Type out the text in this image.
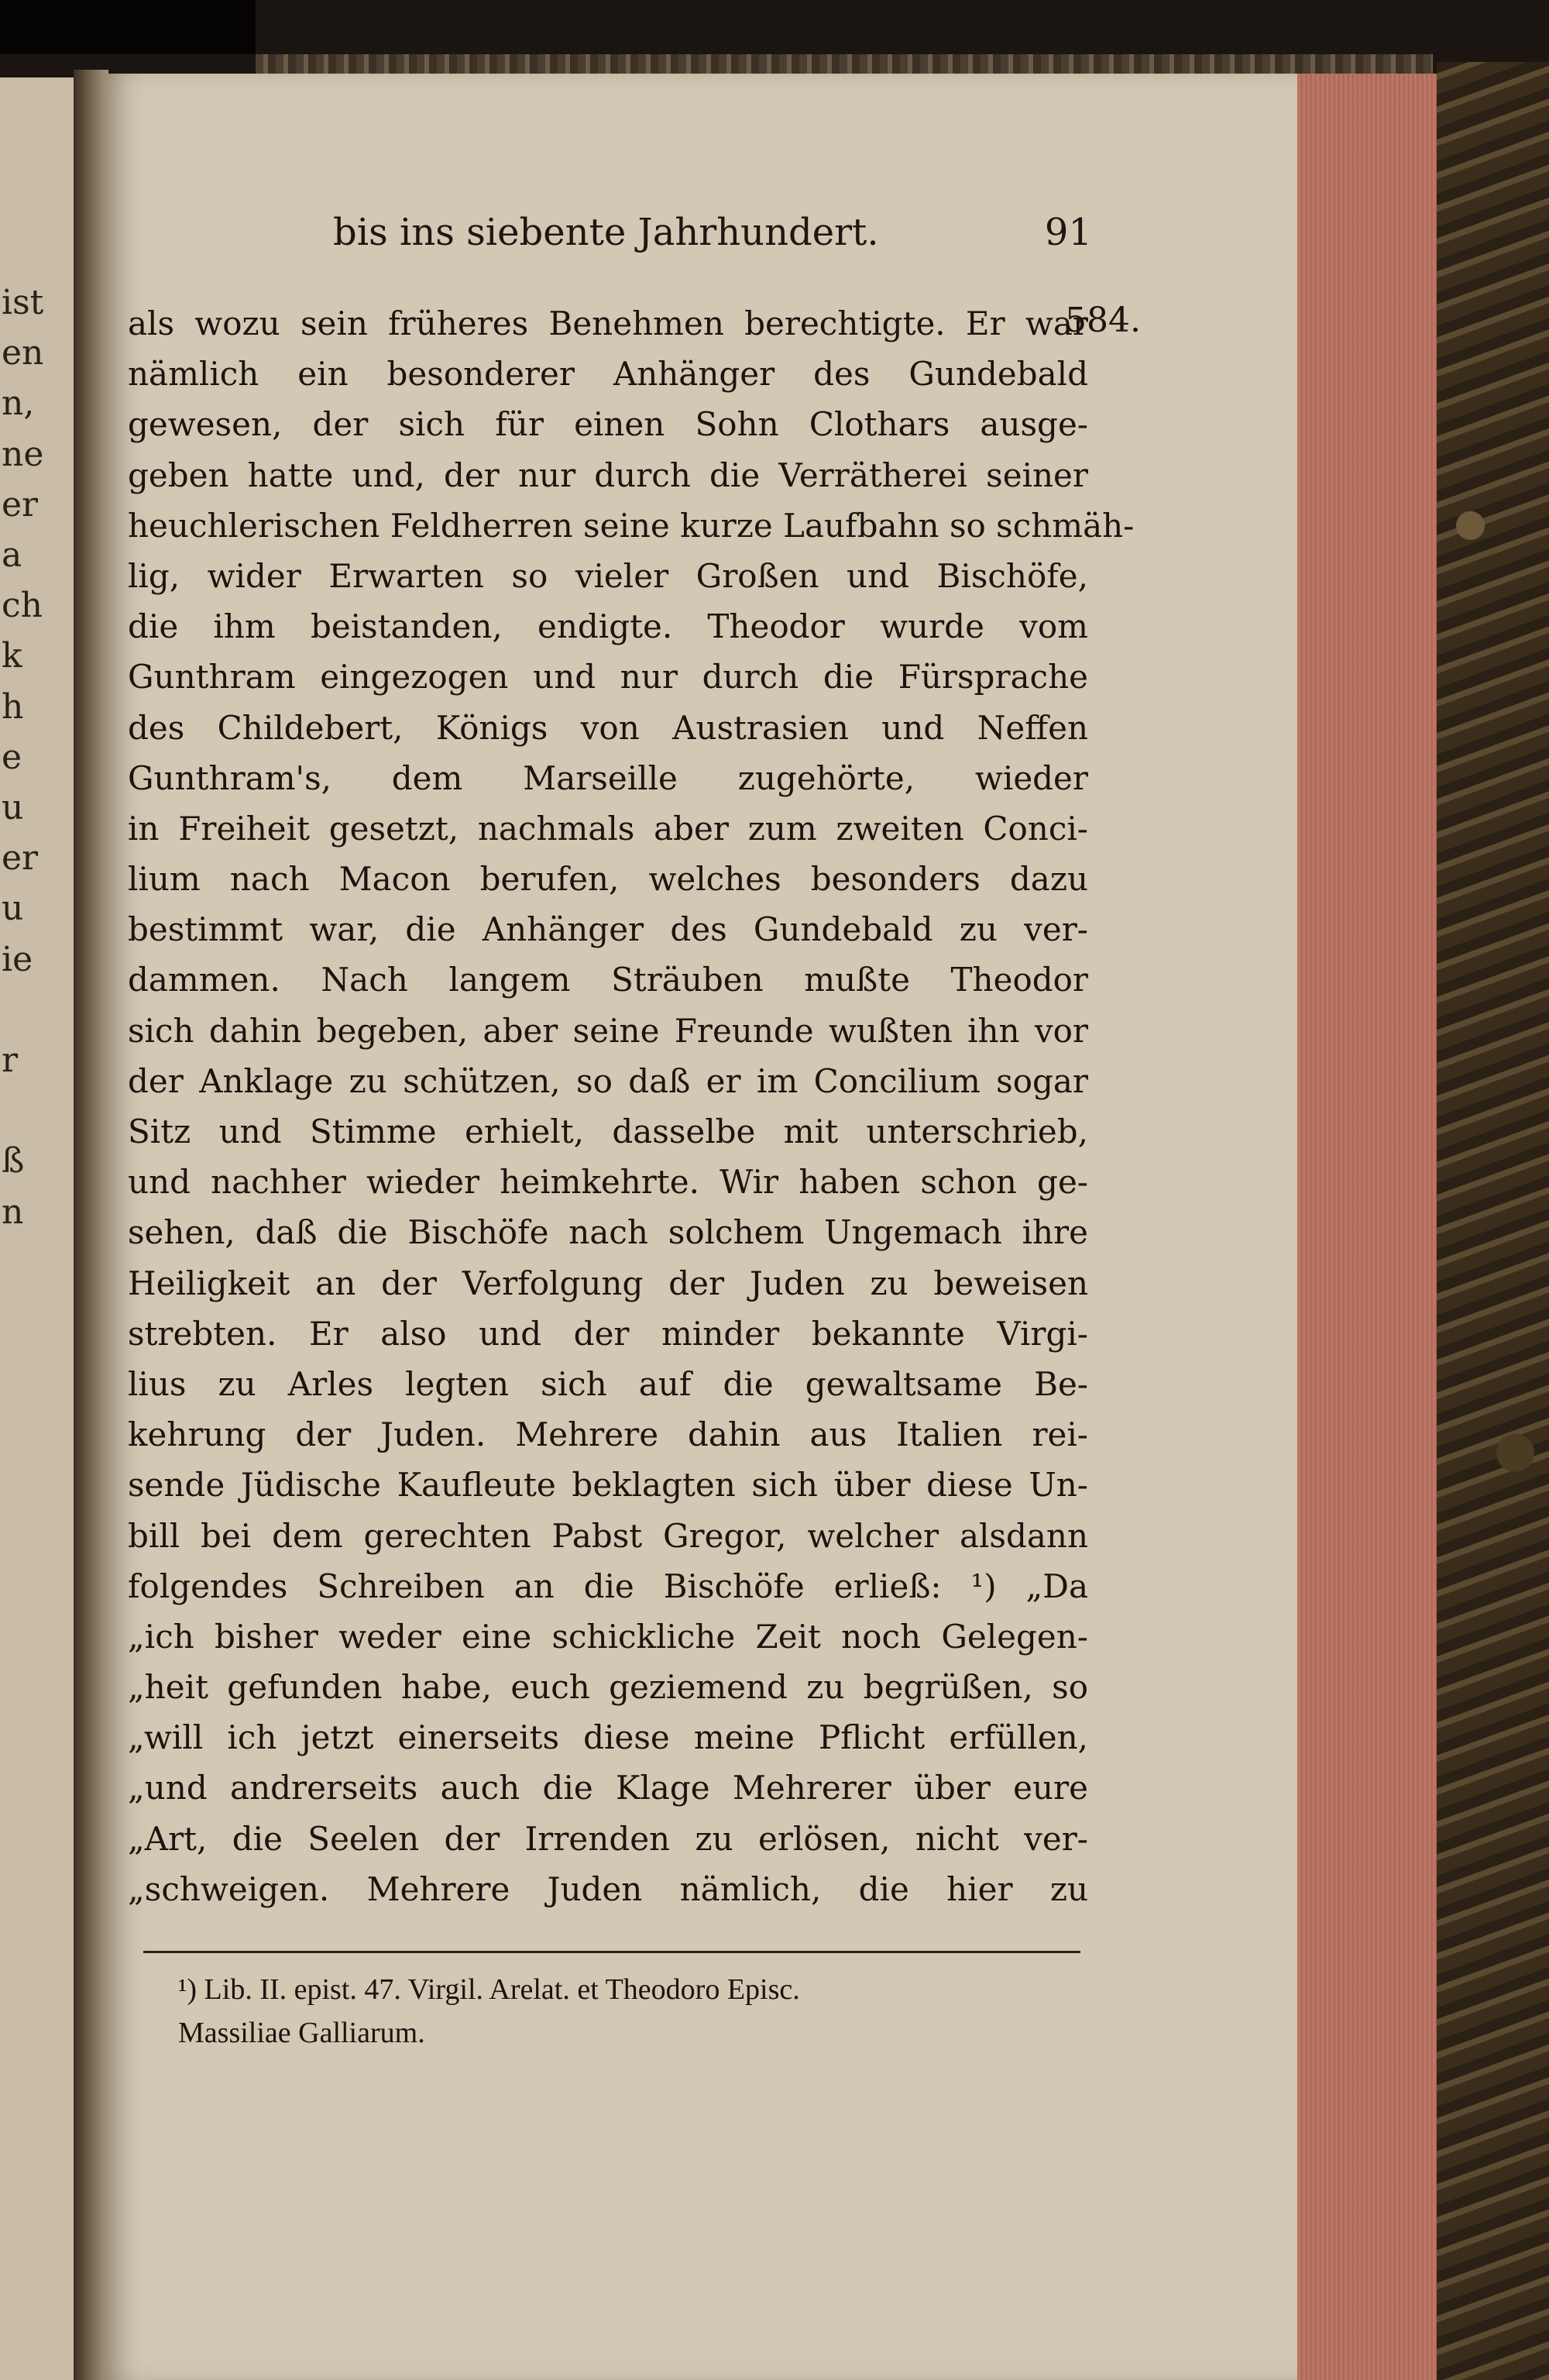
ist
en
n,
ne
er
a
ch
k
h
e
u
er
u
ie
r
ß
n
bis ins siebente Jahrhundert.	91
584.
als wozu sein früheres Benehmen berechtigte. Er war
nämlich ein besonderer Anhänger des Gundebald
gewesen, der sich für einen Sohn Clothars ausge-
geben hatte und, der nur durch die Verrätherei seiner
heuchlerischen Feldherren seine kurze Laufbahn so schmäh-
lig, wider Erwarten so vieler Großen und Bischöfe,
die ihm beistanden, endigte. Theodor wurde vom
Gunthram eingezogen und nur durch die Fürsprache
des Childebert, Königs von Austrasien und Neffen
Gunthram's, dem Marseille zugehörte, wieder
in Freiheit gesetzt, nachmals aber zum zweiten Conci-
lium nach Macon berufen, welches besonders dazu
bestimmt war, die Anhänger des Gundebald zu ver-
dammen. Nach langem Sträuben mußte Theodor
sich dahin begeben, aber seine Freunde wußten ihn vor
der Anklage zu schützen, so daß er im Concilium sogar
Sitz und Stimme erhielt, dasselbe mit unterschrieb,
und nachher wieder heimkehrte. Wir haben schon ge-
sehen, daß die Bischöfe nach solchem Ungemach ihre
Heiligkeit an der Verfolgung der Juden zu beweisen
strebten. Er also und der minder bekannte Virgi-
lius zu Arles legten sich auf die gewaltsame Be-
kehrung der Juden. Mehrere dahin aus Italien rei-
sende Jüdische Kaufleute beklagten sich über diese Un-
bill bei dem gerechten Pabst Gregor, welcher alsdann
folgendes Schreiben an die Bischöfe erließ: ¹) „Da
„ich bisher weder eine schickliche Zeit noch Gelegen-
„heit gefunden habe, euch geziemend zu begrüßen, so
„will ich jetzt einerseits diese meine Pflicht erfüllen,
„und andrerseits auch die Klage Mehrerer über eure
„Art, die Seelen der Irrenden zu erlösen, nicht ver-
„schweigen. Mehrere Juden nämlich, die hier zu
¹) Lib. II. epist. 47. Virgil. Arelat. et Theodoro Episc.
Massiliae Galliarum.
